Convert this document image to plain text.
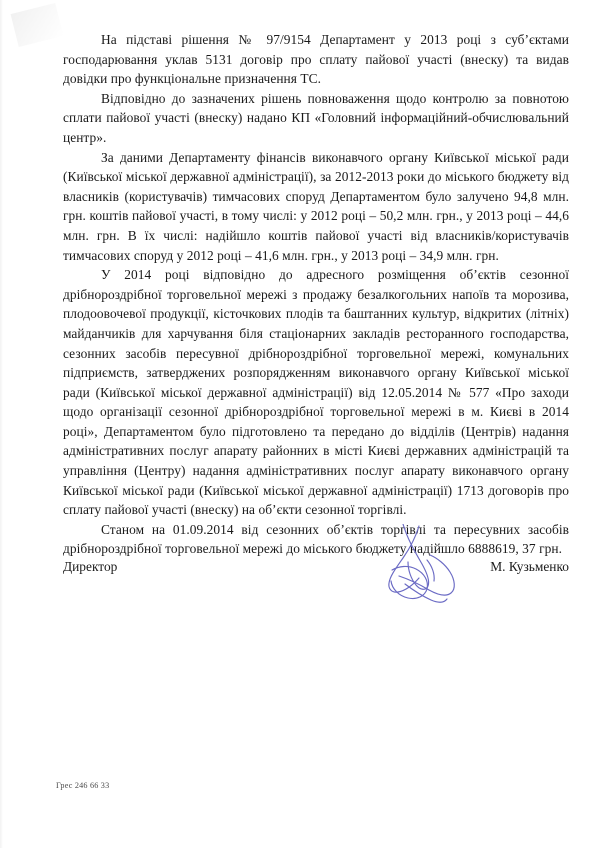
На підставі рішення № 97/9154 Департамент у 2013 році з суб’єктами господарювання уклав 5131 договір про сплату пайової участі (внеску) та видав довідки про функціональне призначення ТС.

Відповідно до зазначених рішень повноваження щодо контролю за повнотою сплати пайової участі (внеску) надано КП «Головний інформаційний-обчислювальний центр».

За даними Департаменту фінансів виконавчого органу Київської міської ради (Київської міської державної адміністрації), за 2012-2013 роки до міського бюджету від власників (користувачів) тимчасових споруд Департаментом було залучено 94,8 млн. грн. коштів пайової участі, в тому числі: у 2012 році – 50,2 млн. грн., у 2013 році – 44,6 млн. грн. В їх числі: надійшло коштів пайової участі від власників/користувачів тимчасових споруд у 2012 році – 41,6 млн. грн., у 2013 році – 34,9 млн. грн.

У 2014 році відповідно до адресного розміщення об’єктів сезонної дрібнороздрібної торговельної мережі з продажу безалкогольних напоїв та морозива, плодоовочевої продукції, кісточкових плодів та баштанних культур, відкритих (літніх) майданчиків для харчування біля стаціонарних закладів ресторанного господарства, сезонних засобів пересувної дрібнороздрібної торговельної мережі, комунальних підприємств, затверджених розпорядженням виконавчого органу Київської міської ради (Київської міської державної адміністрації) від 12.05.2014 № 577 «Про заходи щодо організації сезонної дрібнороздрібної торговельної мережі в м. Києві в 2014 році», Департаментом було підготовлено та передано до відділів (Центрів) надання адміністративних послуг апарату районних в місті Києві державних адміністрацій та управління (Центру) надання адміністративних послуг апарату виконавчого органу Київської міської ради (Київської міської державної адміністрації) 1713 договорів про сплату пайової участі (внеску) на об’єкти сезонної торгівлі.

Станом на 01.09.2014 від сезонних об’єктів торгівлі та пересувних засобів дрібнороздрібної торговельної мережі до міського бюджету надійшло 6888619, 37 грн.

Директор	М. Кузьменко
Грес 246 66 33
